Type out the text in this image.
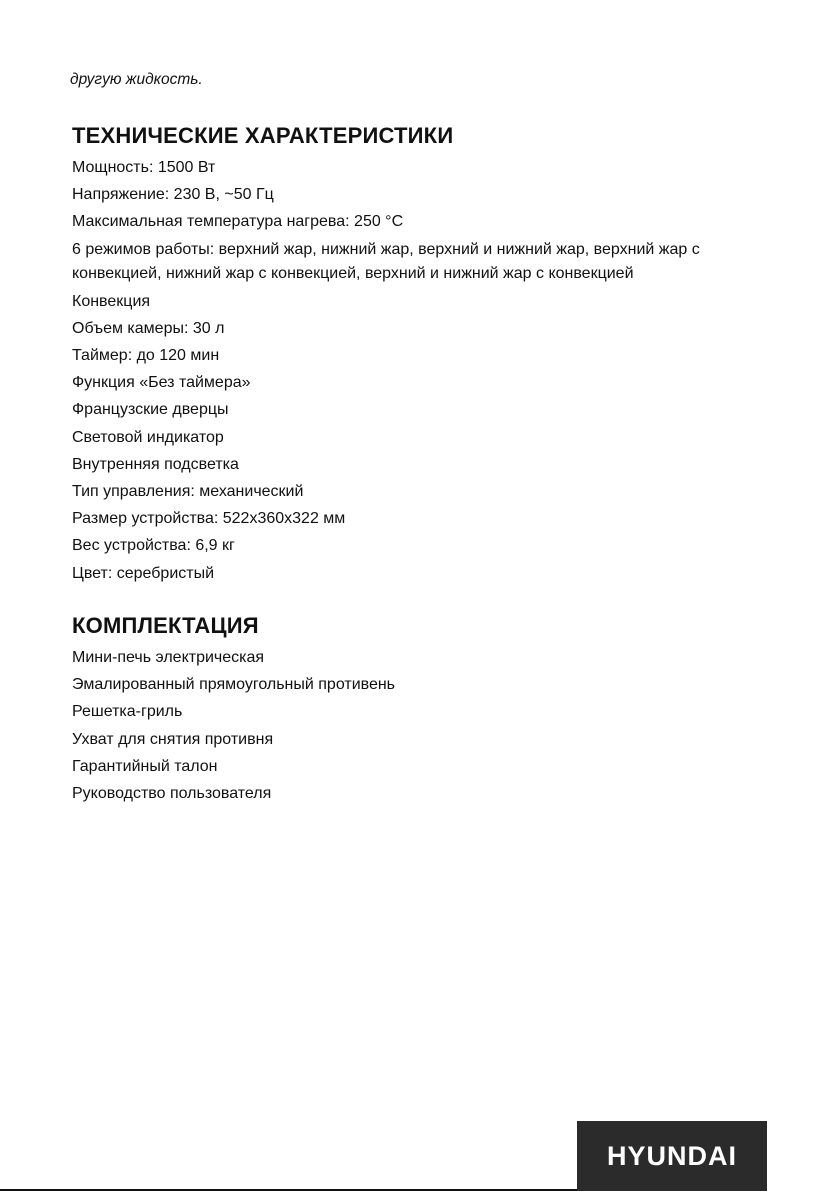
другую жидкость.

ТЕХНИЧЕСКИЕ ХАРАКТЕРИСТИКИ
Мощность: 1500 Вт
Напряжение: 230 В, ~50 Гц
Максимальная температура нагрева: 250 °C
6 режимов работы: верхний жар, нижний жар, верхний и нижний жар, верхний жар с конвекцией, нижний жар с конвекцией, верхний и нижний жар с конвекцией
Конвекция
Объем камеры: 30 л
Таймер: до 120 мин
Функция «Без таймера»
Французские дверцы
Световой индикатор
Внутренняя подсветка
Тип управления: механический
Размер устройства: 522x360x322 мм
Вес устройства: 6,9 кг
Цвет: серебристый
КОМПЛЕКТАЦИЯ
Мини-печь электрическая
Эмалированный прямоугольный противень
Решетка-гриль
Ухват для снятия противня
Гарантийный талон
Руководство пользователя
HYUNDAI
